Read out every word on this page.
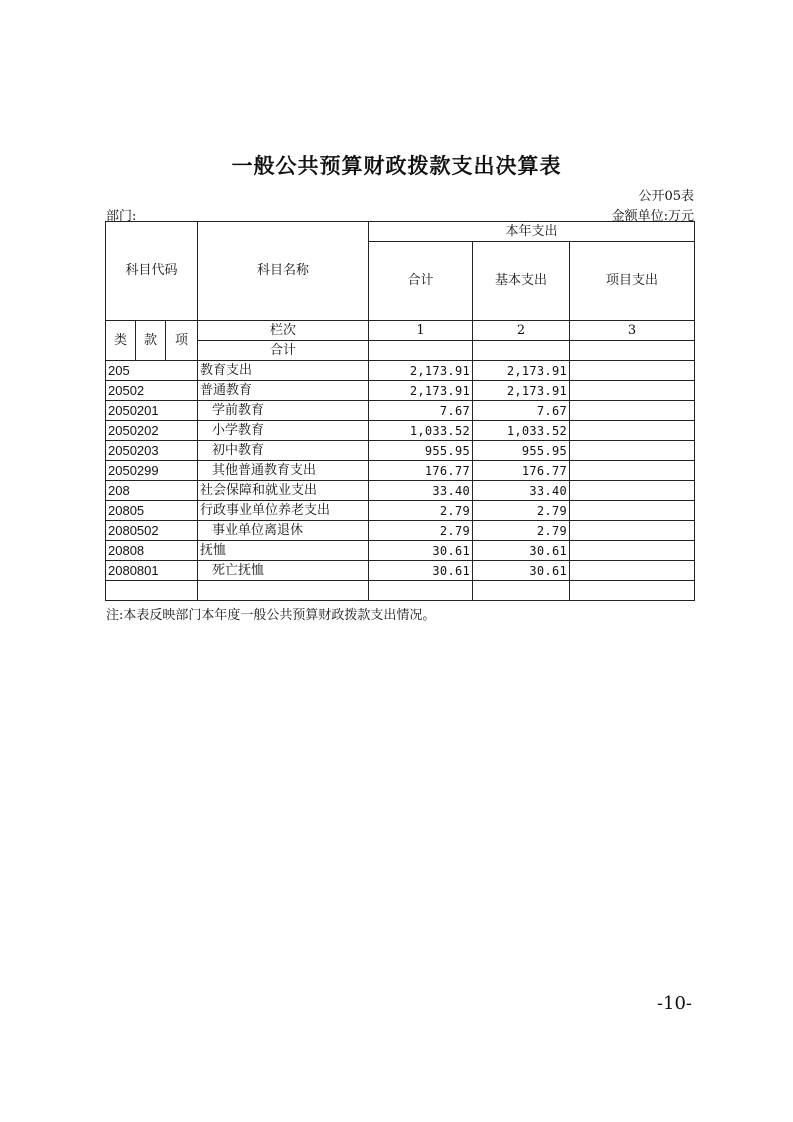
一般公共预算财政拨款支出决算表
公开05表
部门:	金额单位:万元
科目代码			科目名称	本年支出		
				合计	基本支出	项目支出
类	款	项	栏次	1	2	3
			合计			
205			教育支出	2,173.91	2,173.91	
20502			普通教育	2,173.91	2,173.91	
2050201			学前教育	7.67	7.67	
2050202			小学教育	1,033.52	1,033.52	
2050203			初中教育	955.95	955.95	
2050299			其他普通教育支出	176.77	176.77	
208			社会保障和就业支出	33.40	33.40	
20805			行政事业单位养老支出	2.79	2.79	
2080502			事业单位离退休	2.79	2.79	
20808			抚恤	30.61	30.61	
2080801			死亡抚恤	30.61	30.61	

注:本表反映部门本年度一般公共预算财政拨款支出情况。
-10-
